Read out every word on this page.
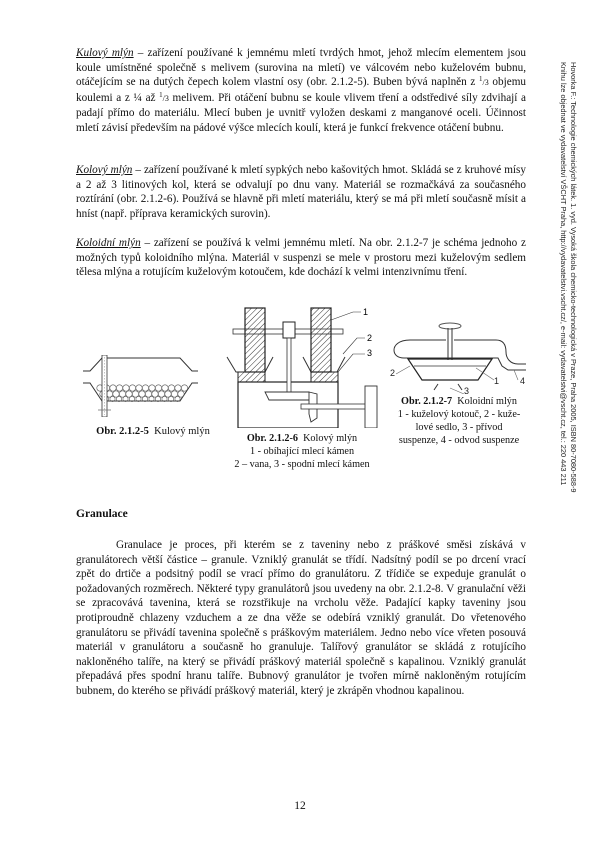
Hovorka F.: Technologie chemických látek. 1. vyd. Vysoká škola chemicko-technologická v Praze, Praha 2005, ISBN 80-7080-588-9
Knihu lze objednat ve vydavatelství VŠCHT Praha, http://vydavatelstvi.vscht.cz/, e-mail: vydavatelstvi@vscht.cz, tel.: 220 443 211

Kulový mlýn – zařízení používané k jemnému mletí tvrdých hmot, jehož mlecím elementem jsou koule umístněné společně s melivem (surovina na mletí) ve válcovém nebo kuželovém bubnu, otáčejícím se na dutých čepech kolem vlastní osy (obr. 2.1.2-5). Buben bývá naplněn z $^1$/3 objemu koulemi a z ¼ až $^1$/3 melivem. Při otáčení bubnu se koule vlivem tření a odstředivé síly zdvihají a padají přímo do materiálu. Mlecí buben je uvnitř vyložen deskami z manganové oceli. Účinnost mletí závisí především na pádové výšce mlecích koulí, která je funkcí frekvence otáčení bubnu.

Kolový mlýn – zařízení používané k mletí sypkých nebo kašovitých hmot. Skládá se z kruhové mísy a 2 až 3 litinových kol, která se odvalují po dnu vany. Materiál se rozmačkává za současného roztírání (obr. 2.1.2-6). Používá se hlavně při mletí materiálu, který se má při mletí současně mísit a hníst (např. příprava keramických surovin).

Koloidní mlýn – zařízení se používá k velmi jemnému mletí. Na obr. 2.1.2-7 je schéma jednoho z možných typů koloidního mlýna. Materiál v suspenzi se mele v prostoru mezi kuželovým sedlem tělesa mlýna a rotujícím kuželovým kotoučem, kde dochází k velmi intenzivnímu tření.

Obr. 2.1.2-5 Kulový mlýn
1
2
3
Obr. 2.1.2-6 Kolový mlýn
1 - obíhající mlecí kámen
2 – vana, 3 - spodní mlecí kámen
2
1
3
4
Obr. 2.1.2-7 Koloidní mlýn
1 - kuželový kotouč, 2 - kuže-
lové sedlo, 3 - přívod
suspenze, 4 - odvod suspenze
Granulace

Granulace je proces, při kterém se z taveniny nebo z práškové směsi získává v granulátorech větší částice – granule. Vzniklý granulát se třídí. Nadsítný podíl se po drcení vrací zpět do drtiče a podsitný podíl se vrací přímo do granulátoru. Z třídiče se expeduje granulát o požadovaných rozměrech. Některé typy granulátorů jsou uvedeny na obr. 2.1.2-8. V granulační věži se zpracovává tavenina, která se rozstřikuje na vrcholu věže. Padající kapky taveniny jsou protiproudně chlazeny vzduchem a ze dna věže se odebírá vzniklý granulát. Do vřetenového granulátoru se přivádí tavenina společně s práškovým materiálem. Jedno nebo více vřeten posouvá materiál v granulátoru a současně ho granuluje. Talířový granulátor se skládá z rotujícího nakloněného talíře, na který se přivádí práškový materiál společně s kapalinou. Vzniklý granulát přepadává přes spodní hranu talíře. Bubnový granulátor je tvořen mírně nakloněným rotujícím bubnem, do kterého se přivádí práškový materiál, který je zkrápěn vhodnou kapalinou.

12
